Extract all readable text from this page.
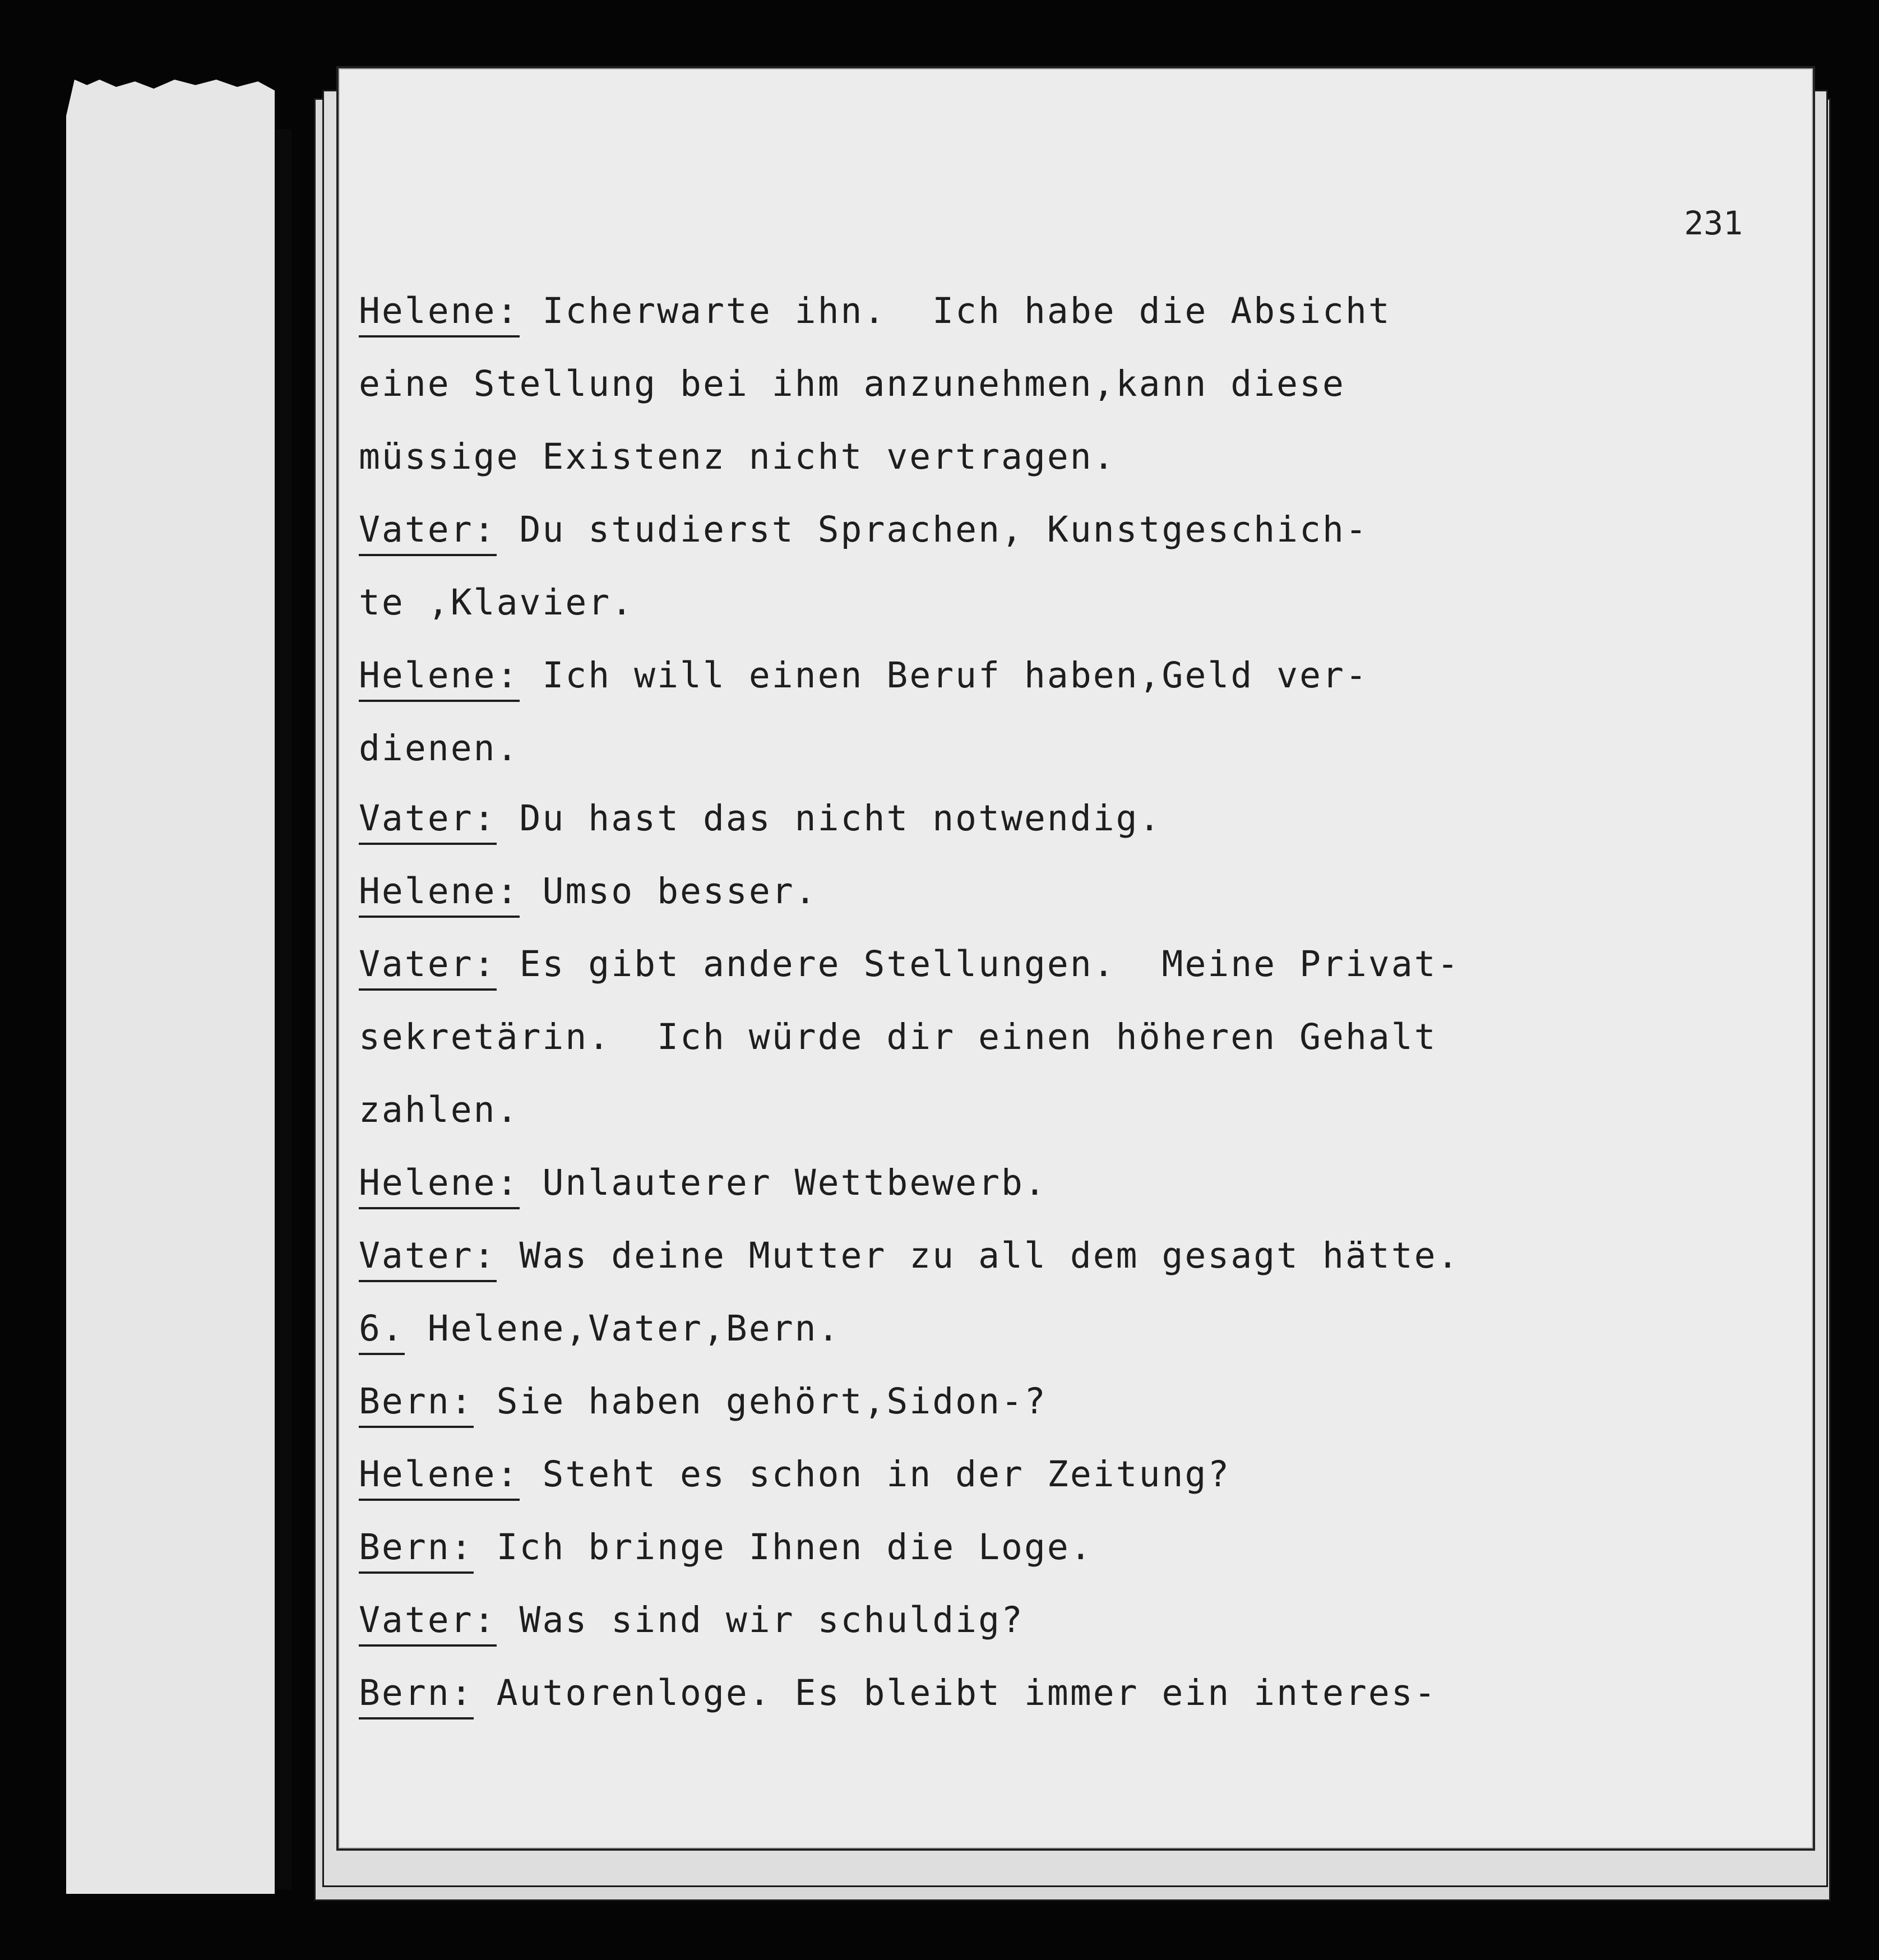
231
Helene: Icherwarte ihn.  Ich habe die Absicht
eine Stellung bei ihm anzunehmen,kann diese
müssige Existenz nicht vertragen.
Vater: Du studierst Sprachen, Kunstgeschich-
te ,Klavier.
Helene: Ich will einen Beruf haben,Geld ver-
dienen.
Vater: Du hast das nicht notwendig.
Helene: Umso besser.
Vater: Es gibt andere Stellungen.  Meine Privat-
sekretärin.  Ich würde dir einen höheren Gehalt
zahlen.
Helene: Unlauterer Wettbewerb.
Vater: Was deine Mutter zu all dem gesagt hätte.
6. Helene,Vater,Bern.
Bern: Sie haben gehört,Sidon-?
Helene: Steht es schon in der Zeitung?
Bern: Ich bringe Ihnen die Loge.
Vater: Was sind wir schuldig?
Bern: Autorenloge. Es bleibt immer ein interes-
